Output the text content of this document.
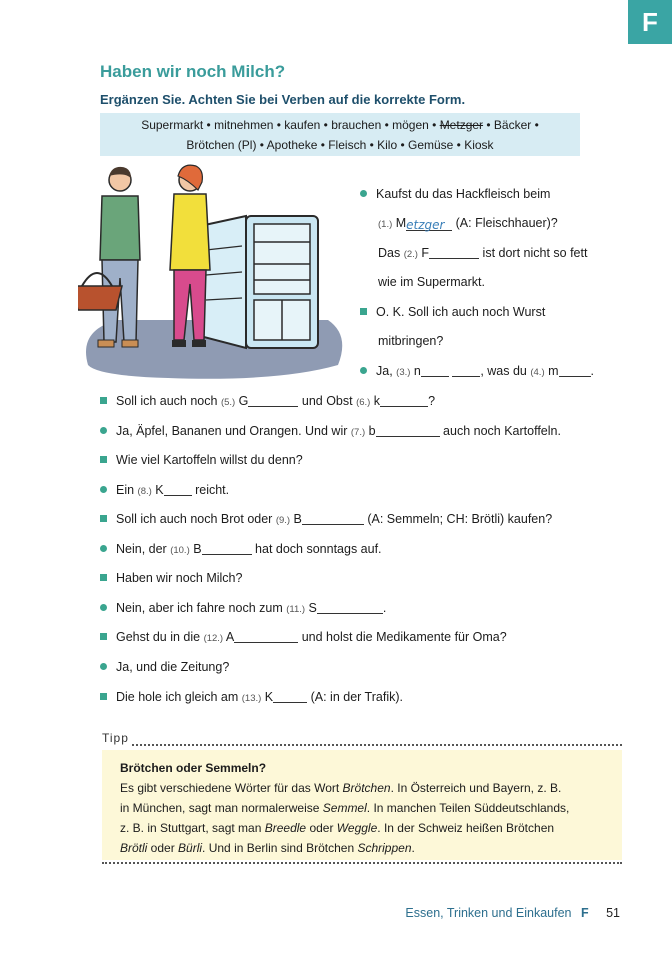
F
Haben wir noch Milch?
Ergänzen Sie. Achten Sie bei Verben auf die korrekte Form.
Supermarkt • mitnehmen • kaufen • brauchen • mögen • Metzger • Bäcker •
Brötchen (Pl) • Apotheke • Fleisch • Kilo • Gemüse • Kiosk
Kaufst du das Hackfleisch beim
(1.) Metzger (A: Fleischhauer)?
Das (2.) F	ist dort nicht so fett
wie im Supermarkt.
O. K. Soll ich auch noch Wurst
mitbringen?
Ja, (3.) n	, was du (4.) m	.
Soll ich auch noch (5.) G	und Obst (6.) k	?
Ja, Äpfel, Bananen und Orangen. Und wir (7.) b	auch noch Kartoffeln.
Wie viel Kartoffeln willst du denn?
Ein (8.) K reicht.
Soll ich auch noch Brot oder (9.) B	(A: Semmeln; CH: Brötli) kaufen?
Nein, der (10.) B	hat doch sonntags auf.
Haben wir noch Milch?
Nein, aber ich fahre noch zum (11.) S	.
Gehst du in die (12.) A	und holst die Medikamente für Oma?
Ja, und die Zeitung?
Die hole ich gleich am (13.) K	(A: in der Trafik).
Tipp
Brötchen oder Semmeln?
Es gibt verschiedene Wörter für das Wort Brötchen. In Österreich und Bayern, z. B.
in München, sagt man normalerweise Semmel. In manchen Teilen Süddeutschlands,
z. B. in Stuttgart, sagt man Breedle oder Weggle. In der Schweiz heißen Brötchen
Brötli oder Bürli. Und in Berlin sind Brötchen Schrippen.
Essen, Trinken und Einkaufen F 51
